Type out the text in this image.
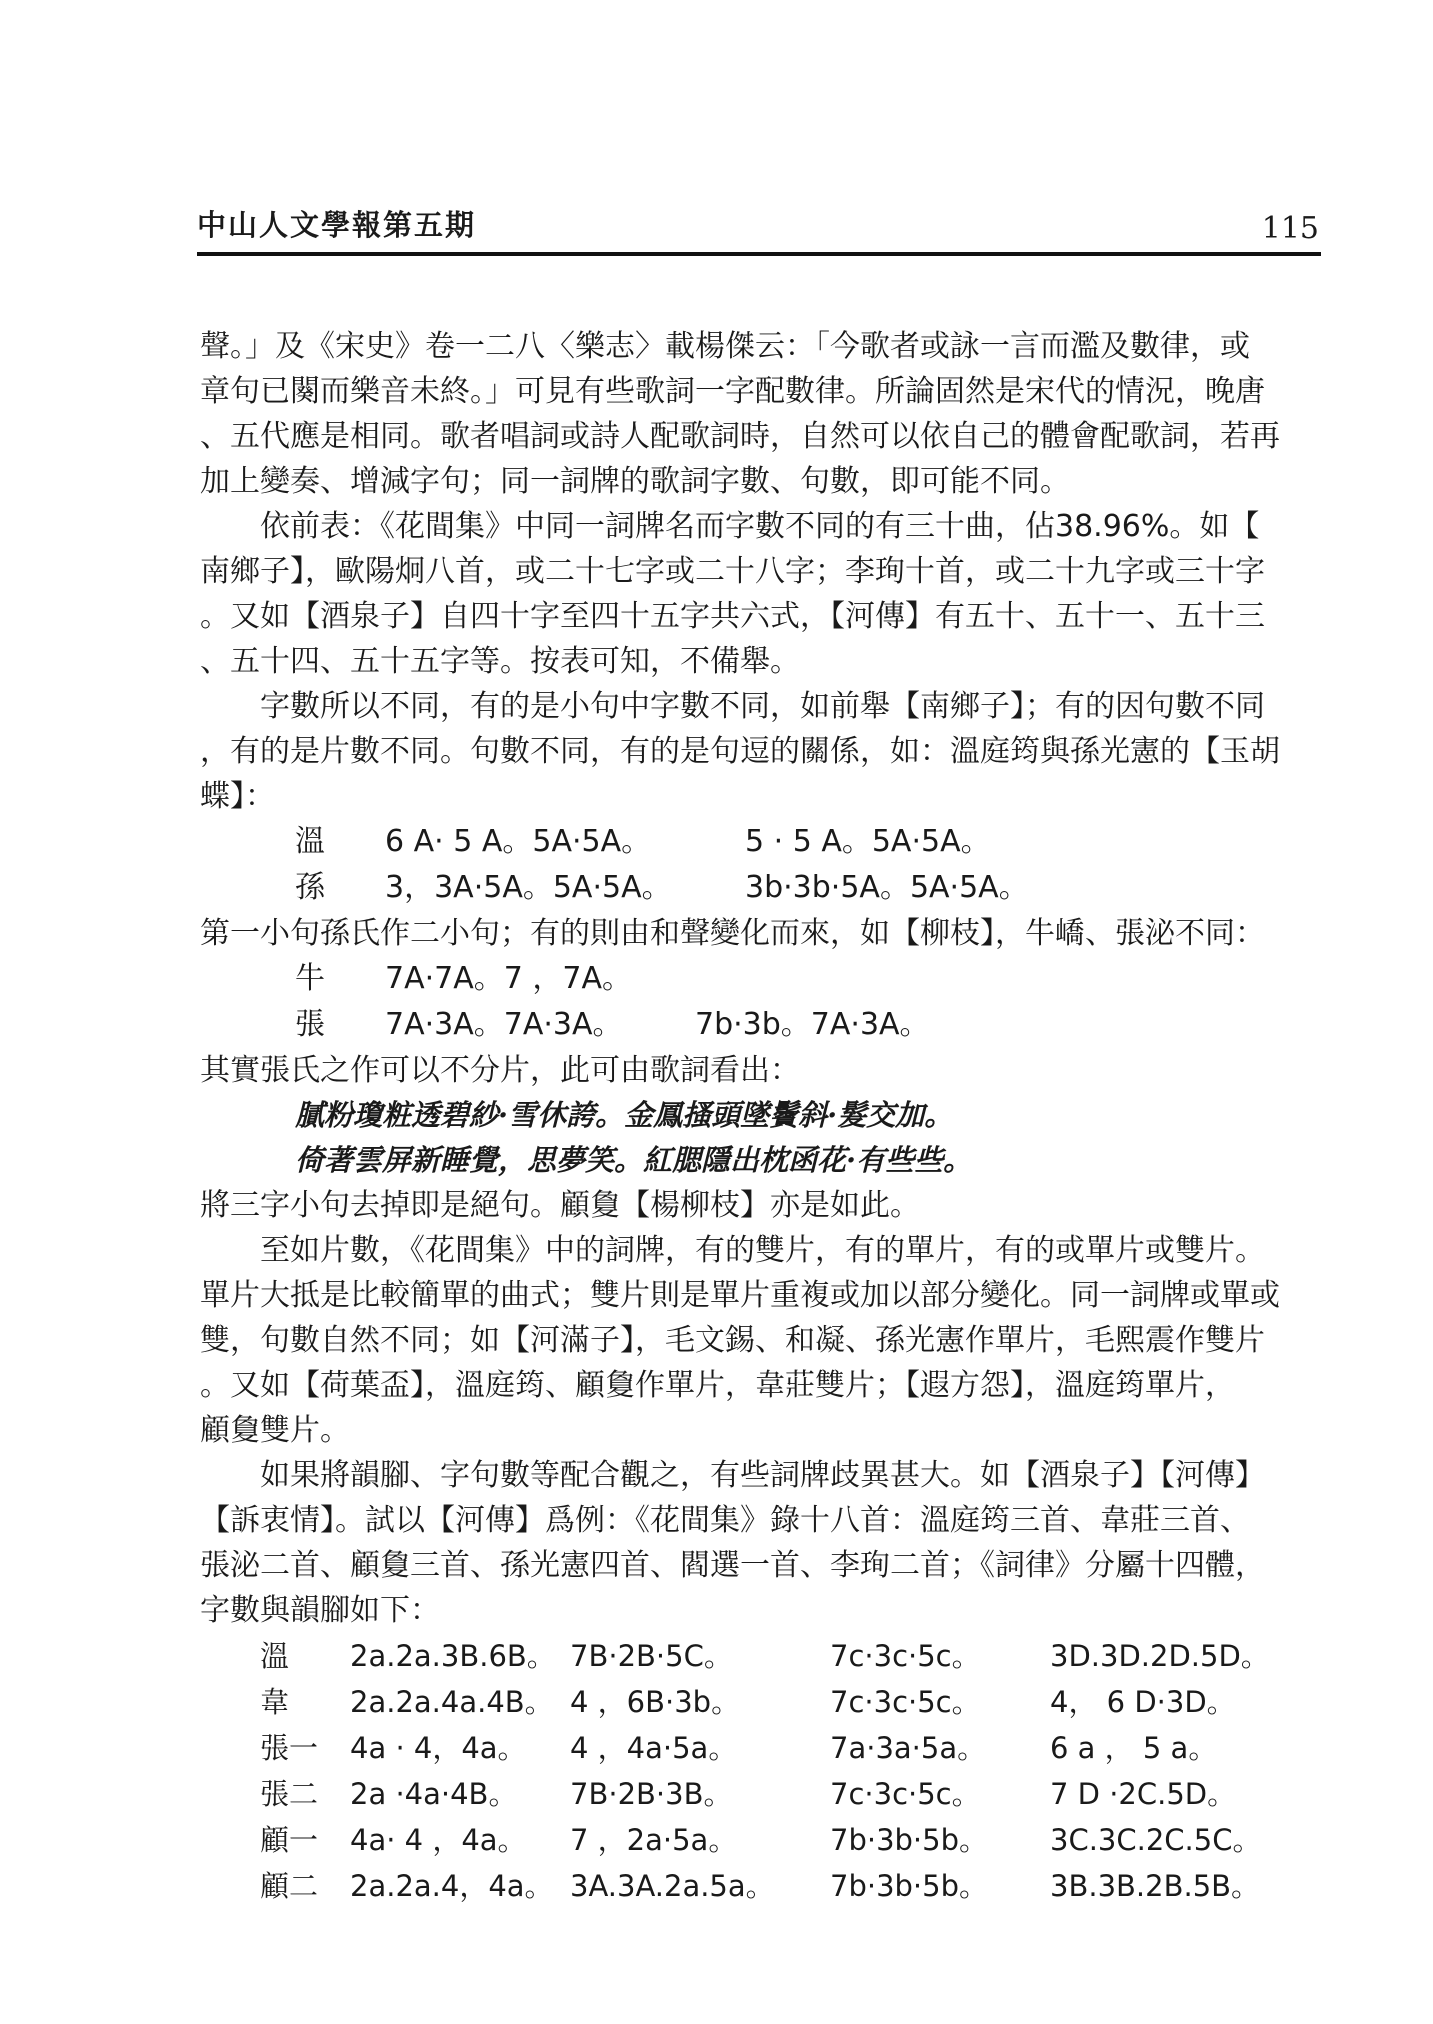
中山人文學報第五期	115
聲。」及《宋史》卷一二八〈樂志〉載楊傑云：「今歌者或詠一言而濫及數律，或
章句已闋而樂音未終。」可見有些歌詞一字配數律。所論固然是宋代的情況，晚唐
、五代應是相同。歌者唱詞或詩人配歌詞時，自然可以依自己的體會配歌詞，若再
加上變奏、增減字句；同一詞牌的歌詞字數、句數，即可能不同。
依前表：《花間集》中同一詞牌名而字數不同的有三十曲，佔38.96%。如【
南鄉子】，歐陽炯八首，或二十七字或二十八字；李珣十首，或二十九字或三十字
。又如【酒泉子】自四十字至四十五字共六式，【河傳】有五十、五十一、五十三
、五十四、五十五字等。按表可知，不備舉。
字數所以不同，有的是小句中字數不同，如前舉【南鄉子】；有的因句數不同
，有的是片數不同。句數不同，有的是句逗的關係，如：溫庭筠與孫光憲的【玉胡
蝶】：
溫 6 A· 5 A。5A·5A。	5 · 5 A。5A·5A。
孫 3，3A·5A。5A·5A。 3b·3b·5A。5A·5A。
第一小句孫氏作二小句；有的則由和聲變化而來，如【柳枝】，牛嶠、張泌不同：
牛 7A·7A。7 ，7A。
張 7A·3A。7A·3A。 7b·3b。7A·3A。
其實張氏之作可以不分片，此可由歌詞看出：
膩粉瓊粧透碧紗·雪休誇。金鳳搔頭墜鬢斜·髮交加。
倚著雲屏新睡覺，思夢笑。紅腮隱出枕函花·有些些。
將三字小句去掉即是絕句。顧敻【楊柳枝】亦是如此。
至如片數，《花間集》中的詞牌，有的雙片，有的單片，有的或單片或雙片。
單片大抵是比較簡單的曲式；雙片則是單片重複或加以部分變化。同一詞牌或單或
雙，句數自然不同；如【河滿子】，毛文錫、和凝、孫光憲作單片，毛熙震作雙片
。又如【荷葉盃】，溫庭筠、顧敻作單片，韋莊雙片；【遐方怨】，溫庭筠單片，
顧敻雙片。
如果將韻腳、字句數等配合觀之，有些詞牌歧異甚大。如【酒泉子】【河傳】
【訴衷情】。試以【河傳】爲例：《花間集》錄十八首：溫庭筠三首、韋莊三首、
張泌二首、顧敻三首、孫光憲四首、閻選一首、李珣二首；《詞律》分屬十四體，
字數與韻腳如下：
溫 2a.2a.3B.6B。 7B·2B·5C。	7c·3c·5c。 3D.3D.2D.5D。
韋 2a.2a.4a.4B。 4 ，6B·3b。	7c·3c·5c。 4， 6 D·3D。
張一 4a · 4，4a。 4 ，4a·5a。	7a·3a·5a。 6 a ， 5 a。
張二 2a ·4a·4B。 7B·2B·3B。	7c·3c·5c。 7 D ·2C.5D。
顧一 4a· 4 ，4a。 7 ，2a·5a。	7b·3b·5b。 3C.3C.2C.5C。
顧二 2a.2a.4，4a。 3A.3A.2a.5a。 7b·3b·5b。 3B.3B.2B.5B。
